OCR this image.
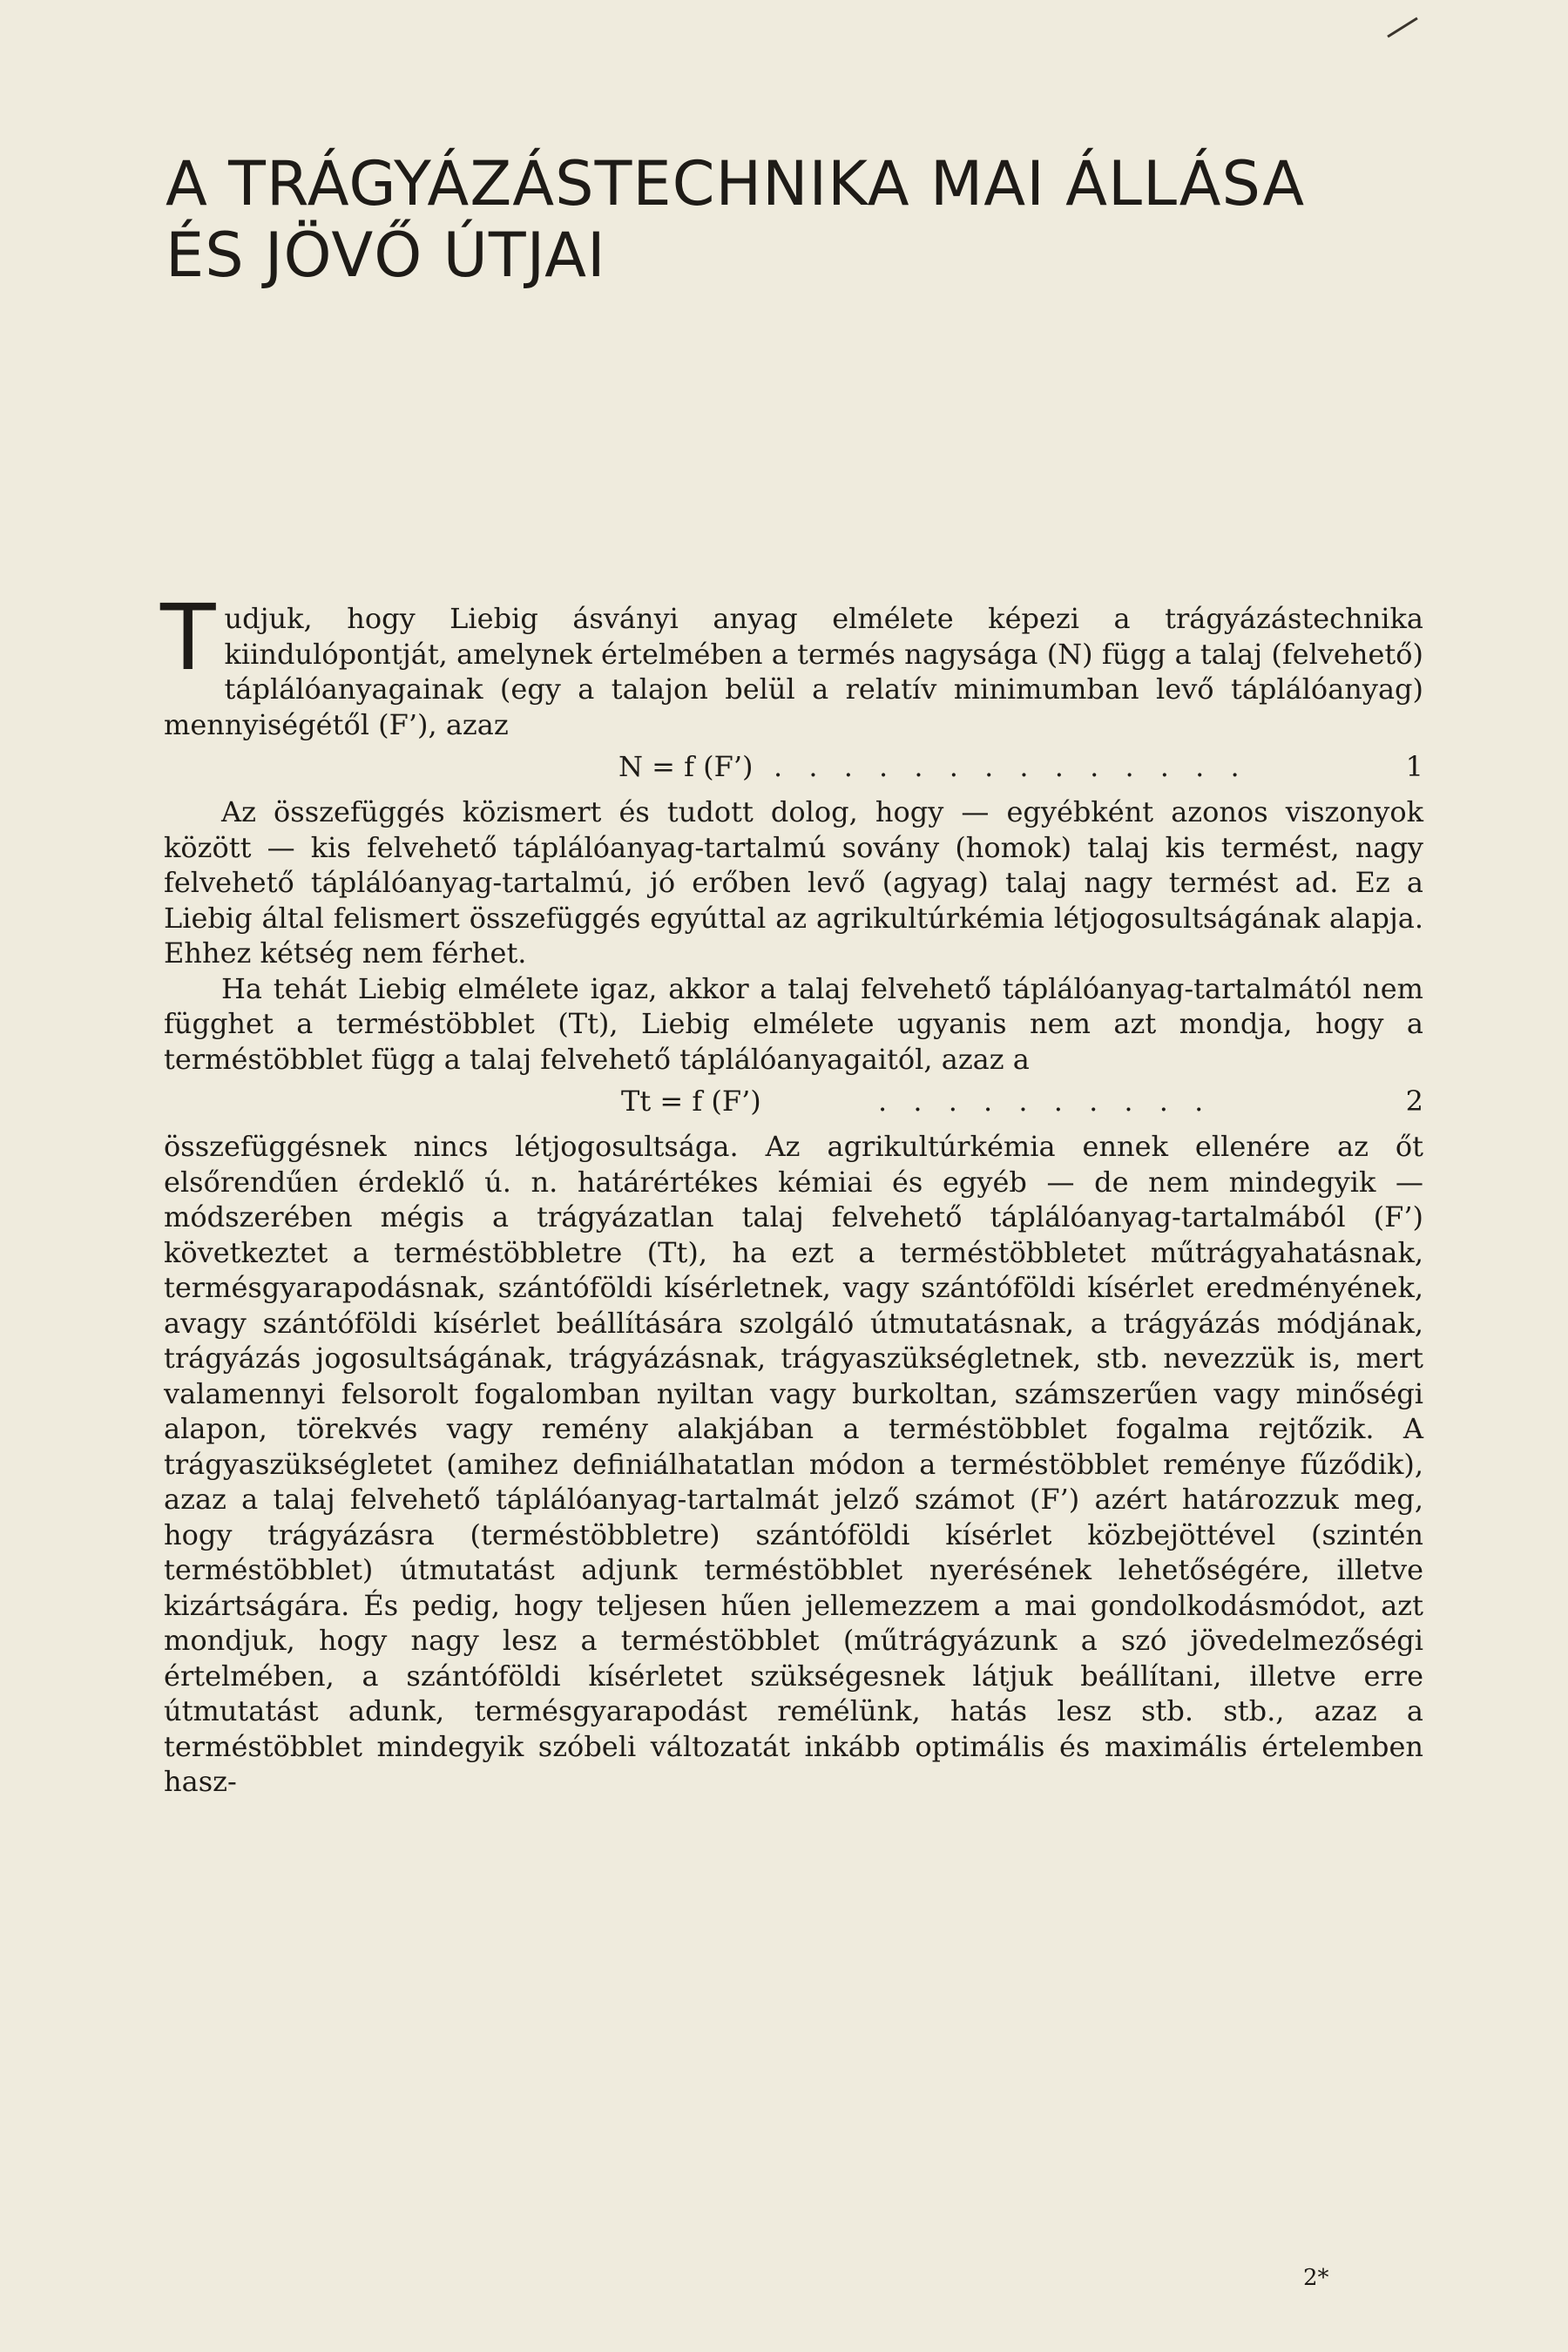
A TRÁGYÁZÁSTECHNIKA MAI ÁLLÁSA
ÉS JÖVŐ ÚTJAI

Tudjuk, hogy Liebig ásványi anyag elmélete képezi a trágyázástechnika kiindulópontját, amelynek értelmében a termés nagysága (N) függ a talaj (felvehető) táplálóanyagainak (egy a talajon belül a relatív minimumban levő táplálóanyag) mennyiségétől (F’), azaz

N = f (F’) . . . . . . . . . . . . . .	1

Az összefüggés közismert és tudott dolog, hogy — egyébként azonos viszonyok között — kis felvehető táplálóanyag-tartalmú sovány (homok) talaj kis termést, nagy felvehető táplálóanyag-tartalmú, jó erőben levő (agyag) talaj nagy termést ad. Ez a Liebig által felismert összefüggés egyúttal az agrikultúrkémia létjogosultságának alapja. Ehhez kétség nem férhet.

Ha tehát Liebig elmélete igaz, akkor a talaj felvehető táplálóanyag-tartalmától nem függhet a terméstöbblet (Tt), Liebig elmélete ugyanis nem azt mondja, hogy a terméstöbblet függ a talaj felvehető táplálóanyagaitól, azaz a

Tt = f (F’)	. . . . . . . . . .	2

összefüggésnek nincs létjogosultsága. Az agrikultúrkémia ennek ellenére az őt elsőrendűen érdeklő ú. n. határértékes kémiai és egyéb — de nem mindegyik — módszerében mégis a trágyázatlan talaj felvehető táplálóanyag-tartalmából (F’) következtet a terméstöbbletre (Tt), ha ezt a terméstöbbletet műtrágyahatásnak, termésgyarapodásnak, szántóföldi kísérletnek, vagy szántóföldi kísérlet eredményének, avagy szántóföldi kísérlet beállítására szolgáló útmutatásnak, a trágyázás módjának, trágyázás jogosultságának, trágyázásnak, trágyaszükségletnek, stb. nevezzük is, mert valamennyi felsorolt fogalomban nyiltan vagy burkoltan, számszerűen vagy minőségi alapon, törekvés vagy remény alakjában a terméstöbblet fogalma rejtőzik. A trágyaszükségletet (amihez definiálhatatlan módon a terméstöbblet reménye fűződik), azaz a talaj felvehető táplálóanyag-tartalmát jelző számot (F’) azért határozzuk meg, hogy trágyázásra (terméstöbbletre) szántóföldi kísérlet közbejöttével (szintén terméstöbblet) útmutatást adjunk terméstöbblet nyerésének lehetőségére, illetve kizártságára. És pedig, hogy teljesen hűen jellemezzem a mai gondolkodásmódot, azt mondjuk, hogy nagy lesz a terméstöbblet (műtrágyázunk a szó jövedelmezőségi értelmében, a szántóföldi kísérletet szükségesnek látjuk beállítani, illetve erre útmutatást adunk, termésgyarapodást remélünk, hatás lesz stb. stb., azaz a terméstöbblet mindegyik szóbeli változatát inkább optimális és maximális értelemben hasz-

2*
